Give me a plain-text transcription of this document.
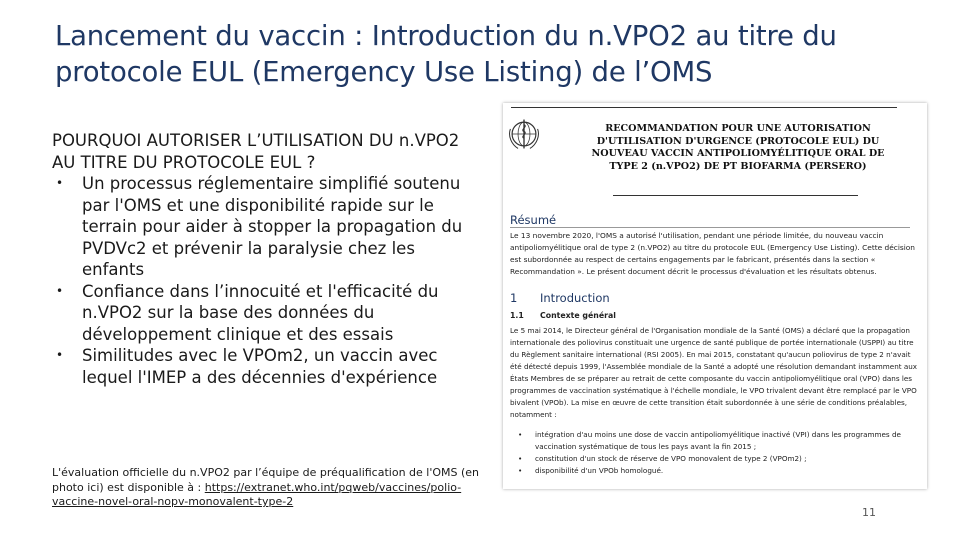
Lancement du vaccin : Introduction du n.VPO2 au titre du protocole EUL (Emergency Use Listing) de l’OMS
POURQUOI AUTORISER L’UTILISATION DU n.VPO2 AU TITRE DU PROTOCOLE EUL ?
• Un processus réglementaire simplifié soutenu par l'OMS et une disponibilité rapide sur le terrain pour aider à stopper la propagation du PVDVc2 et prévenir la paralysie chez les enfants
• Confiance dans l’innocuité et l'efficacité du n.VPO2 sur la base des données du développement clinique et des essais
• Similitudes avec le VPOm2, un vaccin avec lequel l'IMEP a des décennies d'expérience
L'évaluation officielle du n.VPO2 par l’équipe de préqualification de l'OMS (en photo ici) est disponible à : https://extranet.who.int/pqweb/vaccines/polio-vaccine-novel-oral-nopv-monovalent-type-2
RECOMMANDATION POUR UNE AUTORISATION
D'UTILISATION D'URGENCE (PROTOCOLE EUL) DU
NOUVEAU VACCIN ANTIPOLIOMYÉLITIQUE ORAL DE
TYPE 2 (n.VPO2) DE PT BIOFARMA (PERSERO)
Résumé
Le 13 novembre 2020, l'OMS a autorisé l'utilisation, pendant une période limitée, du nouveau vaccin antipoliomyélitique oral de type 2 (n.VPO2) au titre du protocole EUL (Emergency Use Listing). Cette décision est subordonnée au respect de certains engagements par le fabricant, présentés dans la section « Recommandation ». Le présent document décrit le processus d'évaluation et les résultats obtenus.
1 Introduction
1.1 Contexte général
Le 5 mai 2014, le Directeur général de l'Organisation mondiale de la Santé (OMS) a déclaré que la propagation internationale des poliovirus constituait une urgence de santé publique de portée internationale (USPPI) au titre du Règlement sanitaire international (RSI 2005). En mai 2015, constatant qu'aucun poliovirus de type 2 n'avait été détecté depuis 1999, l'Assemblée mondiale de la Santé a adopté une résolution demandant instamment aux États Membres de se préparer au retrait de cette composante du vaccin antipoliomyélitique oral (VPO) dans les programmes de vaccination systématique à l'échelle mondiale, le VPO trivalent devant être remplacé par le VPO bivalent (VPOb). La mise en œuvre de cette transition était subordonnée à une série de conditions préalables, notamment :
• intégration d'au moins une dose de vaccin antipoliomyélitique inactivé (VPI) dans les programmes de vaccination systématique de tous les pays avant la fin 2015 ;
• constitution d'un stock de réserve de VPO monovalent de type 2 (VPOm2) ;
• disponibilité d'un VPOb homologué.
11
